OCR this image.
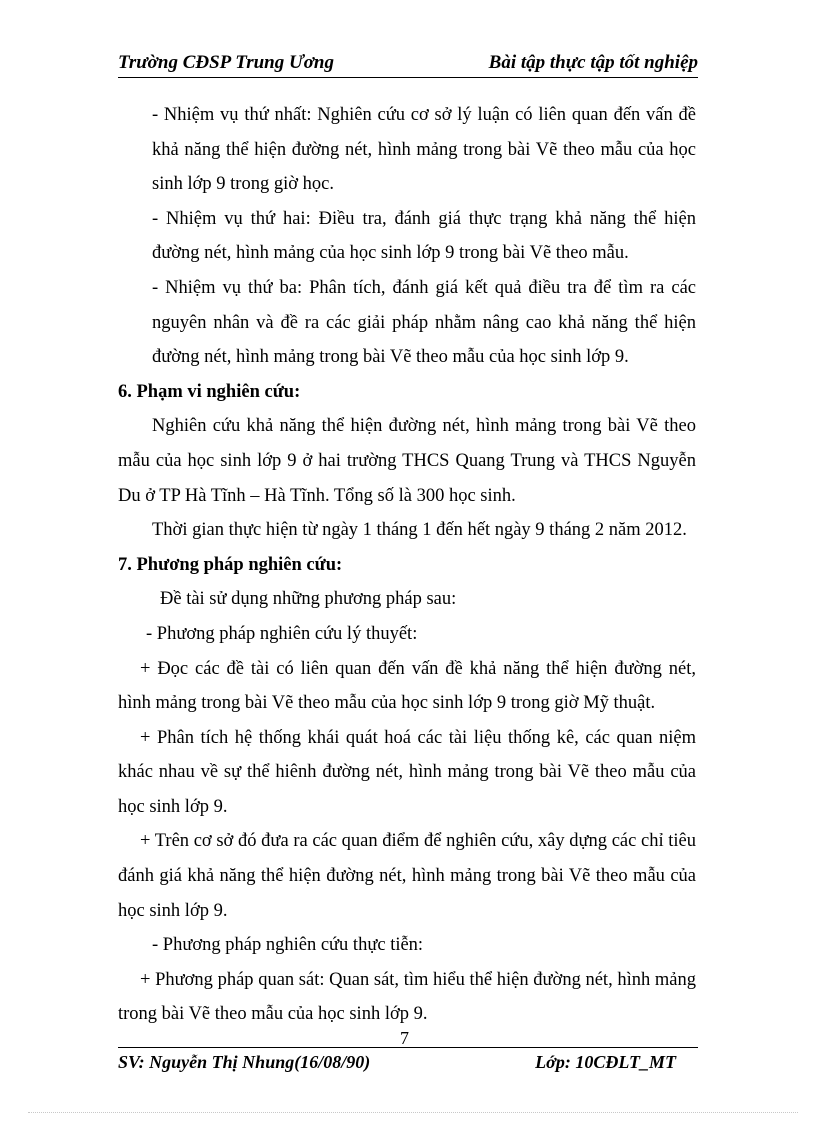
Trường CĐSP Trung Ương	Bài tập thực tập tốt nghiệp

- Nhiệm vụ thứ nhất: Nghiên cứu cơ sở lý luận có liên quan đến vấn đề khả năng thể hiện đường nét, hình mảng trong bài Vẽ theo mẫu của học sinh lớp 9 trong giờ học.

- Nhiệm vụ thứ hai: Điều tra, đánh giá thực trạng khả năng thể hiện đường nét, hình mảng của học sinh lớp 9 trong bài Vẽ theo mẫu.

- Nhiệm vụ thứ ba: Phân tích, đánh giá kết quả điều tra để tìm ra các nguyên nhân và đề ra các giải pháp nhằm nâng cao khả năng thể hiện đường nét, hình mảng trong bài Vẽ theo mẫu của học sinh lớp 9.

6. Phạm vi nghiên cứu:

Nghiên cứu khả năng thể hiện đường nét, hình mảng trong bài Vẽ theo mẫu của học sinh lớp 9 ở hai trường THCS Quang Trung và THCS Nguyễn Du ở TP Hà Tĩnh – Hà Tĩnh. Tổng số là 300 học sinh.

Thời gian thực hiện từ ngày 1 tháng 1 đến hết ngày 9 tháng 2 năm 2012.

7. Phương pháp nghiên cứu:

Đề tài sử dụng những phương pháp sau:

- Phương pháp nghiên cứu lý thuyết:

+ Đọc các đề tài có liên quan đến vấn đề khả năng thể hiện đường nét, hình mảng trong bài Vẽ theo mẫu của học sinh lớp 9 trong giờ Mỹ thuật.

+ Phân tích hệ thống khái quát hoá các tài liệu thống kê, các quan niệm khác nhau về sự thể hiênh đường nét, hình mảng trong bài Vẽ theo mẫu của học sinh lớp 9.

+ Trên cơ sở đó đưa ra các quan điểm để nghiên cứu, xây dựng các chỉ tiêu đánh giá khả năng thể hiện đường nét, hình mảng trong bài Vẽ theo mẫu của học sinh lớp 9.

- Phương pháp nghiên cứu thực tiễn:

+ Phương pháp quan sát: Quan sát, tìm hiểu thể hiện đường nét, hình mảng trong bài Vẽ theo mẫu của học sinh lớp 9.

7
SV: Nguyễn Thị Nhung(16/08/90)	Lớp: 10CĐLT_MT
